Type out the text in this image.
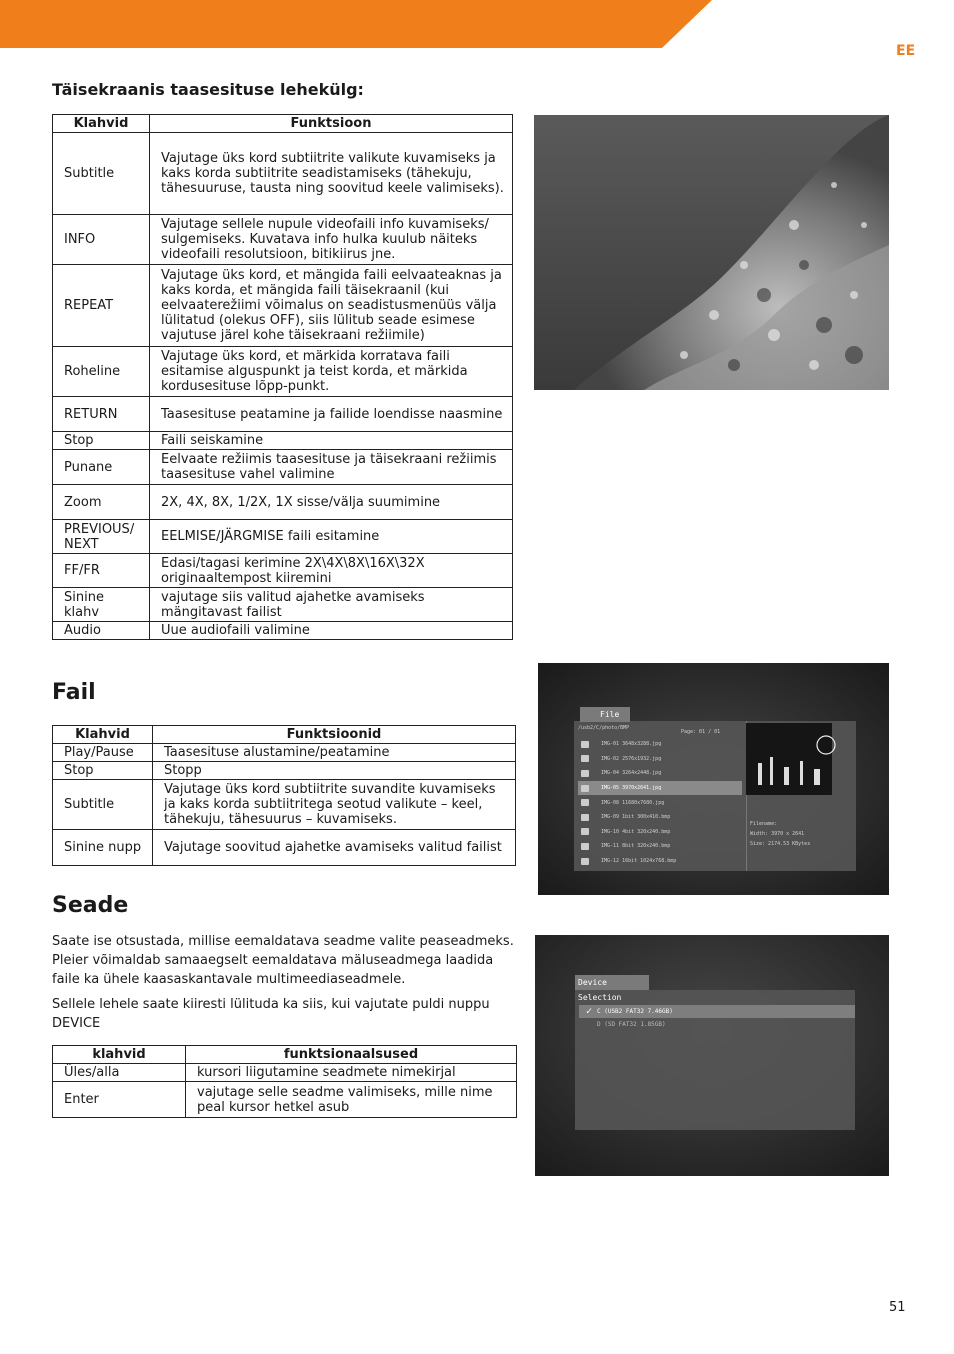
EE
Täisekraanis taasesituse lehekülg:
Klahvid	Funktsioon
Subtitle	Vajutage üks kord subtiitrite valikute kuvamiseks ja kaks korda subtiitrite seadistamiseks (tähekuju, tähesuuruse, tausta ning soovitud keele valimiseks).
INFO	Vajutage sellele nupule videofaili info kuvamiseks/ sulgemiseks. Kuvatava info hulka kuulub näiteks videofaili resolutsioon, bitikiirus jne.
REPEAT	Vajutage üks kord, et mängida faili eelvaateaknas ja kaks korda, et mängida faili täisekraanil (kui eelvaaterežiimi võimalus on seadistusmenüüs välja lülitatud (olekus OFF), siis lülitub seade esimese vajutuse järel kohe täisekraani režiimile)
Roheline	Vajutage üks kord, et märkida korratava faili esitamise alguspunkt ja teist korda, et märkida kordusesituse lõpp-punkt.
RETURN	Taasesituse peatamine ja failide loendisse naasmine
Stop	Faili seiskamine
Punane	Eelvaate režiimis taasesituse ja täisekraani režiimis taasesituse vahel valimine
Zoom	2X, 4X, 8X, 1/2X, 1X sisse/välja suumimine
PREVIOUS/ NEXT	EELMISE/JÄRGMISE faili esitamine
FF/FR	Edasi/tagasi kerimine 2X\4X\8X\16X\32X originaaltempost kiiremini
Sinine klahv	vajutage siis valitud ajahetke avamiseks mängitavast failist
Audio	Uue audiofaili valimine
Fail
Klahvid	Funktsioonid
Play/Pause	Taasesituse alustamine/peatamine
Stop	Stopp
Subtitle	Vajutage üks kord subtiitrite suvandite kuvamiseks ja kaks korda subtiitritega seotud valikute – keel, tähekuju, tähesuurus – kuvamiseks.
Sinine nupp	Vajutage soovitud ajahetke avamiseks valitud failist
File
/usb2/C/photo/BMP
Page: 01 / 01
IMG-01 3648x3288.jpg
IMG-02 2576x1932.jpg
IMG-04 3264x2448.jpg
IMG-05 3970x2641.jpg
IMG-08 11680x7680.jpg
IMG-09 1bit 300x410.bmp
IMG-10 4bit 320x240.bmp
IMG-11 8bit 320x240.bmp
IMG-12 16bit 1024x768.bmp
Filename:
Width: 3970 x 2641
Size: 2174.53 KBytes
Seade

Saate ise otsustada, millise eemaldatava seadme valite peaseadmeks. Pleier võimaldab samaaegselt eemaldatava mäluseadmega laadida faile ka ühele kaasaskantavale multimeediaseadmele.

Sellele lehele saate kiiresti lülituda ka siis, kui vajutate puldi nuppu DEVICE

klahvid	funktsionaalsused
Üles/alla	kursori liigutamine seadmete nimekirjal
Enter	vajutage selle seadme valimiseks, mille nime peal kursor hetkel asub
Device Selection
✓ C (USB2 FAT32 7.46GB)
D (SD FAT32 1.85GB)
51
